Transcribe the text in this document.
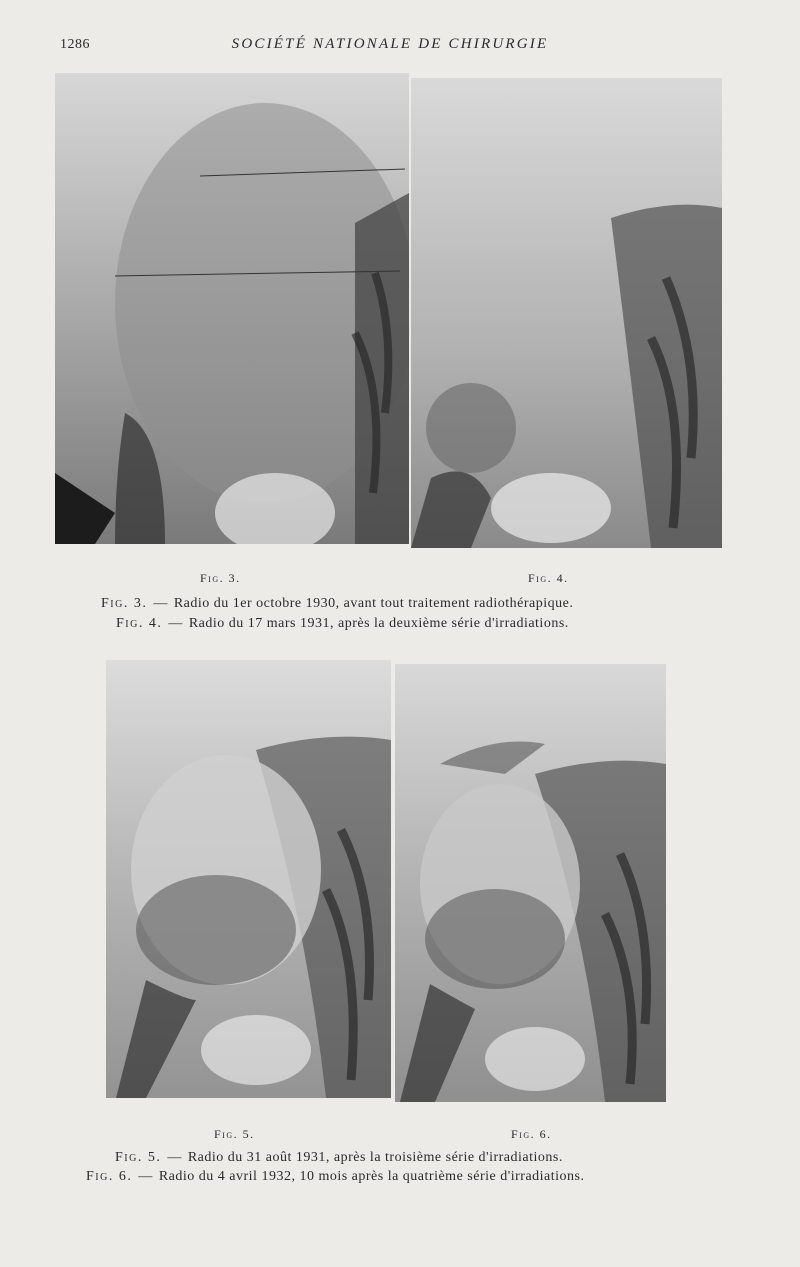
1286	SOCIÉTÉ NATIONALE DE CHIRURGIE
Fig. 3.	Fig. 4.
Fig. 3. — Radio du 1er octobre 1930, avant tout traitement radiothérapique.
Fig. 4. — Radio du 17 mars 1931, après la deuxième série d'irradiations.
Fig. 5.	Fig. 6.
Fig. 5. — Radio du 31 août 1931, après la troisième série d'irradiations.
Fig. 6. — Radio du 4 avril 1932, 10 mois après la quatrième série d'irradiations.
